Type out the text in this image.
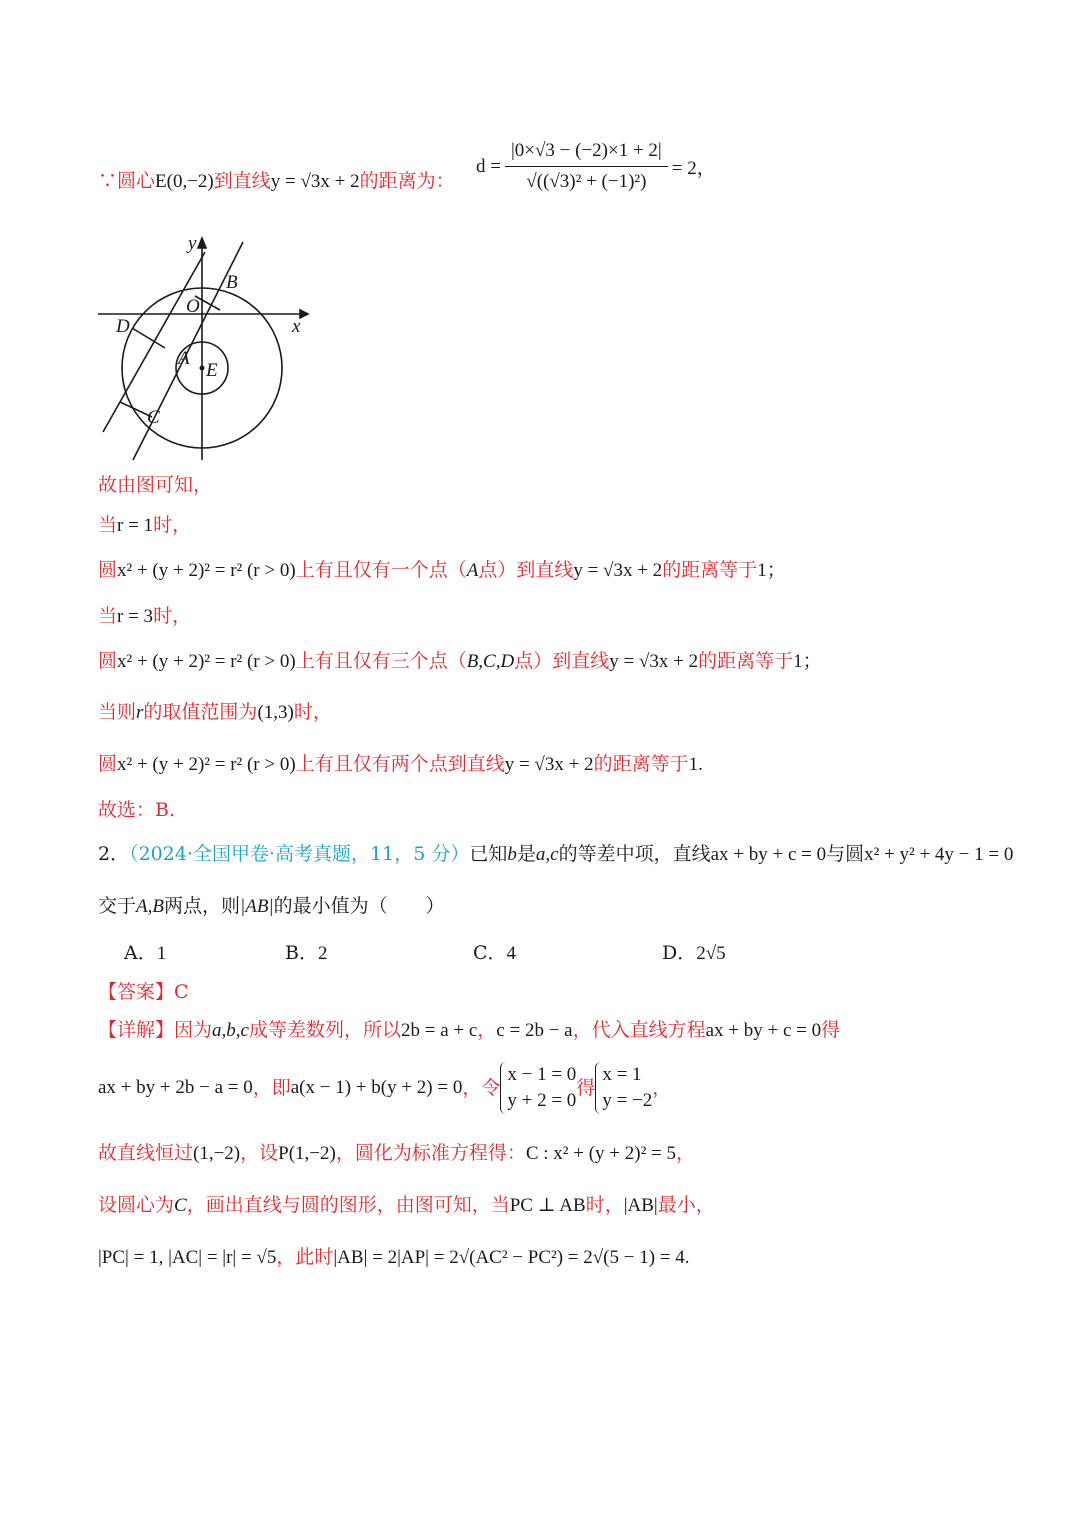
∵圆心E(0,−2)到直线y = √3x + 2的距离为：
$d = \frac{|0\times√3 - (-2)\times 1 + 2|}{\text{√((√3)² + (−1)²)}} = 2$，
y
x
O
B
D
A
E
C
故由图可知，
当r = 1时，
圆x² + (y + 2)² = r² (r > 0)上有且仅有一个点（A点）到直线y = √3x + 2的距离等于1；
当r = 3时，
圆x² + (y + 2)² = r² (r > 0)上有且仅有三个点（B,C,D点）到直线y = √3x + 2的距离等于1；
当则r的取值范围为(1,3)时，
圆x² + (y + 2)² = r² (r > 0)上有且仅有两个点到直线y = √3x + 2的距离等于1.
故选：B.
2．（2024·全国甲卷·高考真题，11，5 分）已知b是a,c的等差中项，直线ax + by + c = 0与圆x² + y² + 4y − 1 = 0
交于A,B两点，则|AB|的最小值为（　　）
A．1	B．2	C．4	D．2√5
【答案】C
【详解】因为a,b,c成等差数列，所以2b = a + c，c = 2b − a，代入直线方程ax + by + c = 0得
ax + by + 2b − a = 0 ，即 a(x − 1) + b(y + 2) = 0 ，令
x − 1 = 0
y + 2 = 0
得
x = 1
y = −2
，
故直线恒过(1,−2)，设P(1,−2)，圆化为标准方程得：C : x² + (y + 2)² = 5，
设圆心为C，画出直线与圆的图形，由图可知，当PC ⊥ AB时，|AB|最小，
|PC| = 1, |AC| = |r| = √5，此时|AB| = 2|AP| = 2√(AC² − PC²) = 2√(5 − 1) = 4.
